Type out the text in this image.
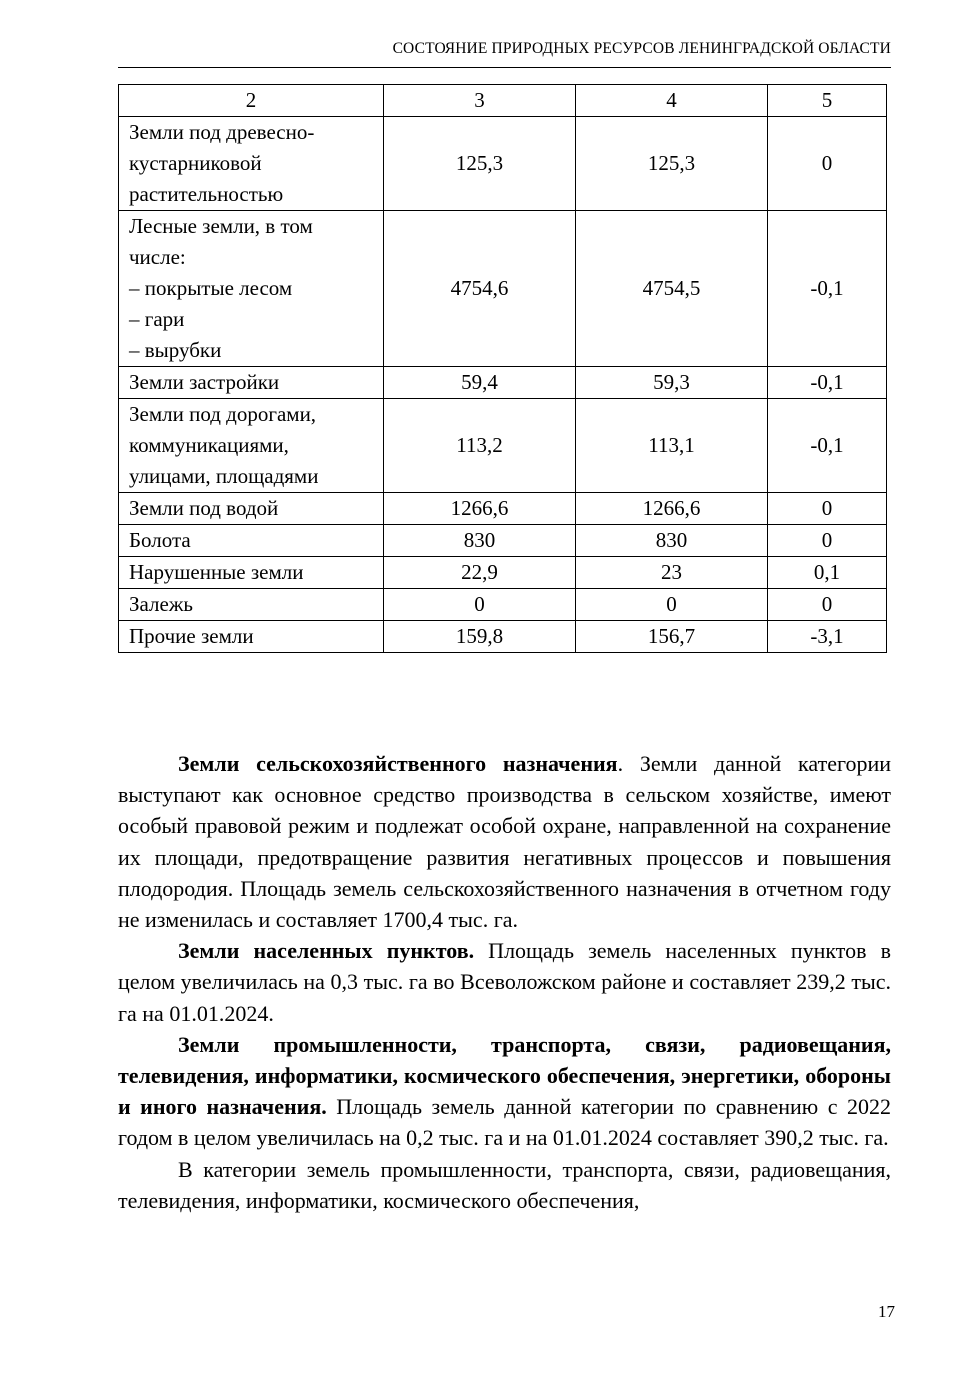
СОСТОЯНИЕ ПРИРОДНЫХ РЕСУРСОВ ЛЕНИНГРАДСКОЙ ОБЛАСТИ
2	3	4	5

Земли под древесно-
кустарниковой
растительностью	125,3	125,3	0

Лесные земли, в том
числе:
– покрытые лесом
– гари
– вырубки	4754,6	4754,5	-0,1

Земли застройки	59,4	59,3	-0,1

Земли под дорогами,
коммуникациями,
улицами, площадями	113,2	113,1	-0,1

Земли под водой	1266,6	1266,6	0

Болота	830	830	0

Нарушенные земли	22,9	23	0,1

Залежь	0	0	0

Прочие земли	159,8	156,7	-3,1

Земли сельскохозяйственного назначения. Земли данной категории выступают как основное средство производства в сельском хозяйстве, имеют особый правовой режим и подлежат особой охране, направленной на сохранение их площади, предотвращение развития негативных процессов и повышения плодородия. Площадь земель сельскохозяйственного назначения в отчетном году не изменилась и составляет 1700,4 тыс. га.

Земли населенных пунктов. Площадь земель населенных пунктов в целом увеличилась на 0,3 тыс. га во Всеволожском районе и составляет 239,2 тыс. га на 01.01.2024.

Земли промышленности, транспорта, связи, радиовещания, телевидения, информатики, космического обеспечения, энергетики, обороны и иного назначения. Площадь земель данной категории по сравнению с 2022 годом в целом увеличилась на 0,2 тыс. га и на 01.01.2024 составляет 390,2 тыс. га.

В категории земель промышленности, транспорта, связи, радиовещания, телевидения, информатики, космического обеспечения,

17
